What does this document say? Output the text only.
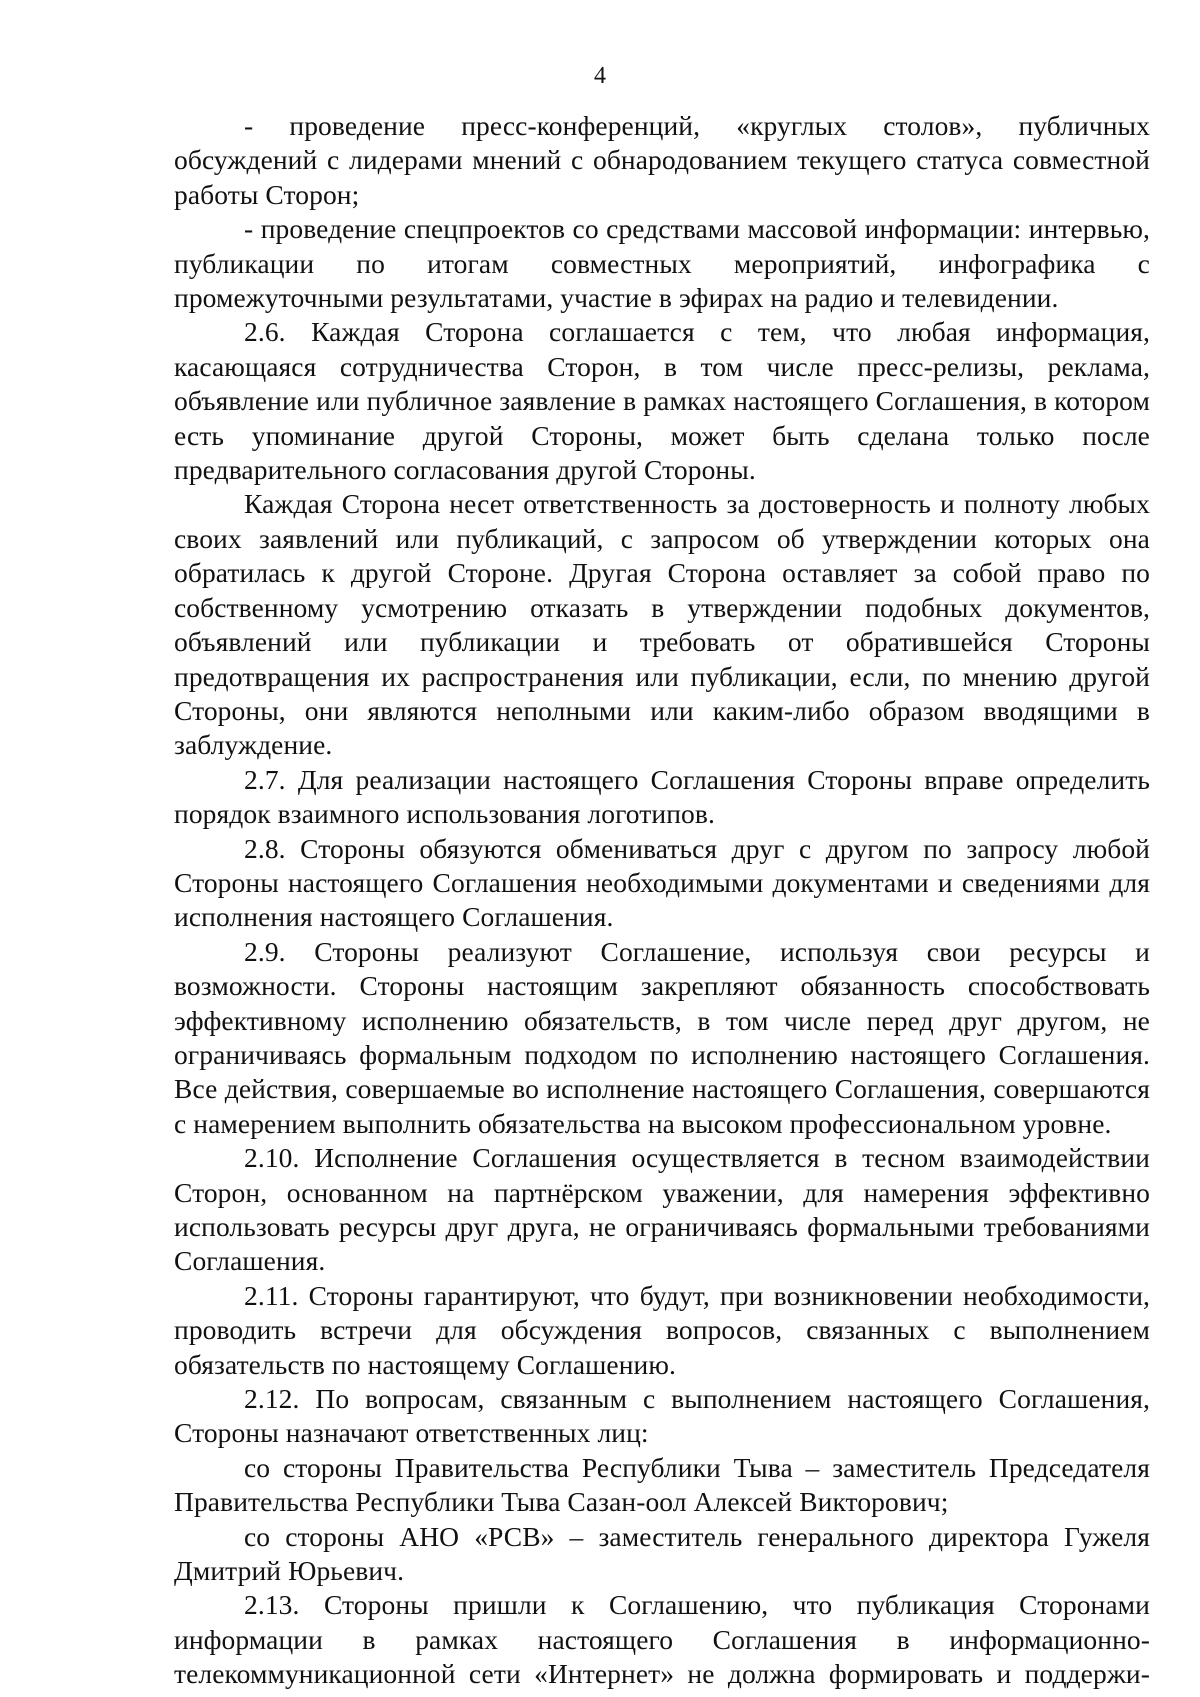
4

- проведение пресс-конференций, «круглых столов», публичных обсуждений с лидерами мнений с обнародованием текущего статуса совместной работы Сторон;

- проведение спецпроектов со средствами массовой информации: интервью, публикации по итогам совместных мероприятий, инфографика с промежуточными результатами, участие в эфирах на радио и телевидении.

2.6. Каждая Сторона соглашается с тем, что любая информация, касающаяся сотрудничества Сторон, в том числе пресс-релизы, реклама, объявление или публичное заявление в рамках настоящего Соглашения, в котором есть упоминание другой Стороны, может быть сделана только после предварительного согласования другой Стороны.

Каждая Сторона несет ответственность за достоверность и полноту любых своих заявлений или публикаций, с запросом об утверждении которых она обратилась к другой Стороне. Другая Сторона оставляет за собой право по собственному усмотрению отказать в утверждении подобных документов, объявлений или публикации и требовать от обратившейся Стороны предотвращения их распространения или публикации, если, по мнению другой Стороны, они являются неполными или каким-либо образом вводящими в заблуждение.

2.7. Для реализации настоящего Соглашения Стороны вправе определить порядок взаимного использования логотипов.

2.8. Стороны обязуются обмениваться друг с другом по запросу любой Стороны настоящего Соглашения необходимыми документами и сведениями для исполнения настоящего Соглашения.

2.9. Стороны реализуют Соглашение, используя свои ресурсы и возможности. Стороны настоящим закрепляют обязанность способствовать эффективному исполнению обязательств, в том числе перед друг другом, не ограничиваясь формальным подходом по исполнению настоящего Соглашения. Все действия, совершаемые во исполнение настоящего Соглашения, совершаются с намерением выполнить обязательства на высоком профессиональном уровне.

2.10. Исполнение Соглашения осуществляется в тесном взаимодействии Сторон, основанном на партнёрском уважении, для намерения эффективно использовать ресурсы друг друга, не ограничиваясь формальными требованиями Соглашения.

2.11. Стороны гарантируют, что будут, при возникновении необходимости, проводить встречи для обсуждения вопросов, связанных с выполнением обязательств по настоящему Соглашению.

2.12. По вопросам, связанным с выполнением настоящего Соглашения, Стороны назначают ответственных лиц:

со стороны Правительства Республики Тыва – заместитель Председателя Правительства Республики Тыва Сазан-оол Алексей Викторович;

со стороны АНО «РСВ» – заместитель генерального директора Гужеля Дмитрий Юрьевич.

2.13. Стороны пришли к Соглашению, что публикация Сторонами информации в рамках настоящего Соглашения в информационно-телекоммуникационной сети «Интернет» не должна формировать и поддержи-
